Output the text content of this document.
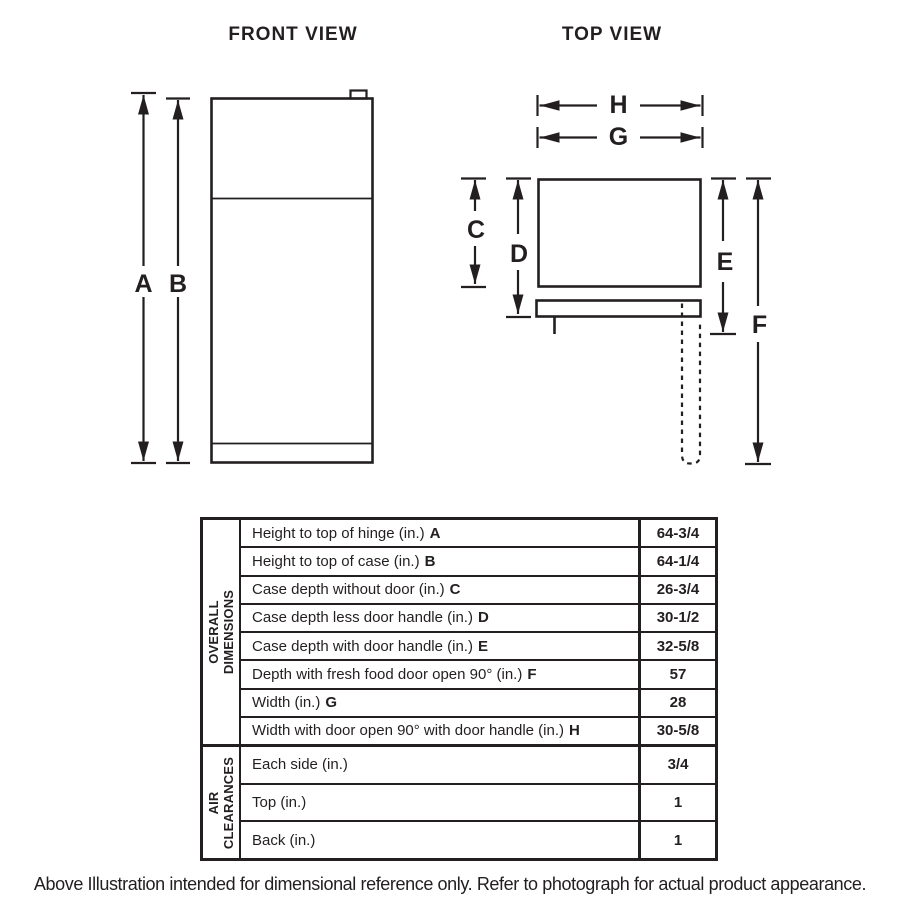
FRONT VIEW
A B
TOP VIEW
H
G
C
D	E
F
OVERALL DIMENSIONS
Height to top of hinge (in.) A	64-3/4
Height to top of case (in.) B	64-1/4
Case depth without door (in.) C	26-3/4
Case depth less door handle (in.) D	30-1/2
Case depth with door handle (in.) E	32-5/8
Depth with fresh food door open 90° (in.) F	57
Width (in.) G	28
Width with door open 90° with door handle (in.) H	30-5/8
AIR CLEARANCES Each side (in.)	3/4
Top (in.)	1
Back (in.)	1
Above Illustration intended for dimensional reference only. Refer to photograph for actual product appearance.
